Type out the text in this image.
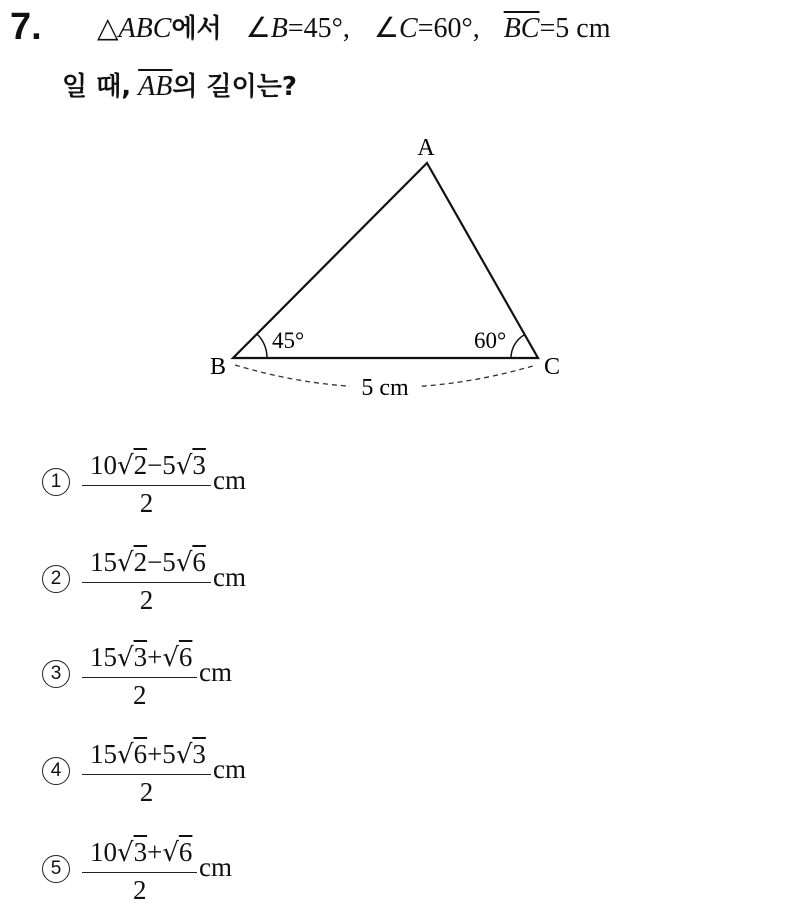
7. △ABC에서 ∠B=45°, ∠C=60°, $\overline{BC}=5$ cm
일 때, $\overline{AB}$의 길이는?
A
B	C
45°	60°
5 cm
1
10√2−5√3
2
cm
2
15√2−5√6
2
cm
3
15√3+√6
2
cm
4
15√6+5√3
2
cm
5
10√3+√6
2
cm
